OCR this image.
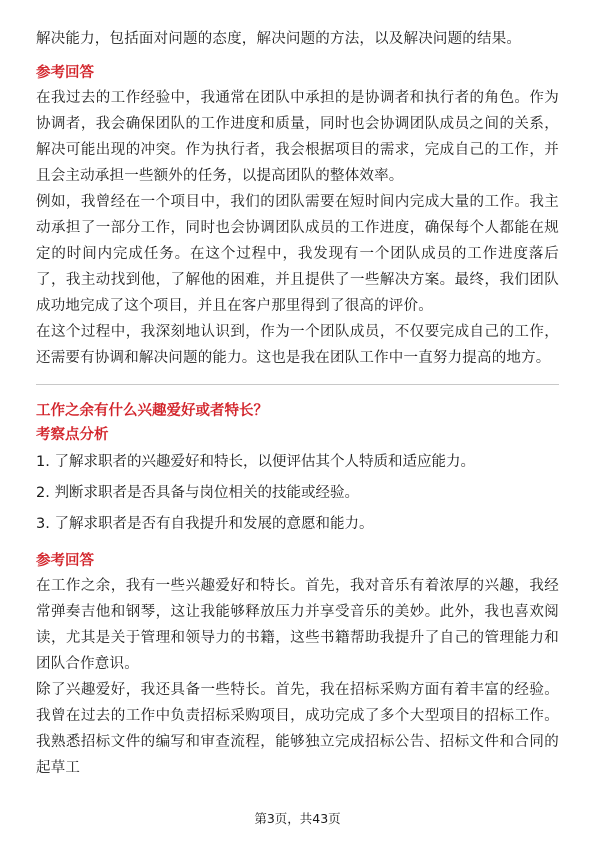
解决能力，包括面对问题的态度，解决问题的方法，以及解决问题的结果。

参考回答

在我过去的工作经验中，我通常在团队中承担的是协调者和执行者的角色。作为协调者，我会确保团队的工作进度和质量，同时也会协调团队成员之间的关系，解决可能出现的冲突。作为执行者，我会根据项目的需求，完成自己的工作，并且会主动承担一些额外的任务，以提高团队的整体效率。

例如，我曾经在一个项目中，我们的团队需要在短时间内完成大量的工作。我主动承担了一部分工作，同时也会协调团队成员的工作进度，确保每个人都能在规定的时间内完成任务。在这个过程中，我发现有一个团队成员的工作进度落后了，我主动找到他，了解他的困难，并且提供了一些解决方案。最终，我们团队成功地完成了这个项目，并且在客户那里得到了很高的评价。

在这个过程中，我深刻地认识到，作为一个团队成员，不仅要完成自己的工作，还需要有协调和解决问题的能力。这也是我在团队工作中一直努力提高的地方。

工作之余有什么兴趣爱好或者特长？

考察点分析

1. 了解求职者的兴趣爱好和特长，以便评估其个人特质和适应能力。

2. 判断求职者是否具备与岗位相关的技能或经验。

3. 了解求职者是否有自我提升和发展的意愿和能力。

参考回答

在工作之余，我有一些兴趣爱好和特长。首先，我对音乐有着浓厚的兴趣，我经常弹奏吉他和钢琴，这让我能够释放压力并享受音乐的美妙。此外，我也喜欢阅读，尤其是关于管理和领导力的书籍，这些书籍帮助我提升了自己的管理能力和团队合作意识。

除了兴趣爱好，我还具备一些特长。首先，我在招标采购方面有着丰富的经验。我曾在过去的工作中负责招标采购项目，成功完成了多个大型项目的招标工作。我熟悉招标文件的编写和审查流程，能够独立完成招标公告、招标文件和合同的起草工

第3页，共43页
